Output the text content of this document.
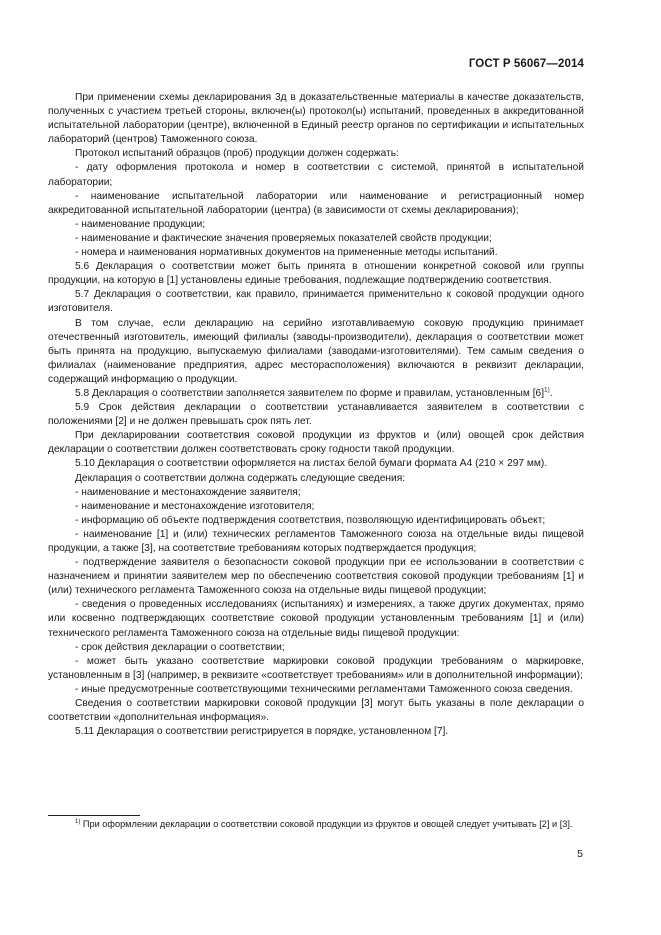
ГОСТ Р 56067—2014

При применении схемы декларирования 3д в доказательственные материалы в качестве доказательств, полученных с участием третьей стороны, включен(ы) протокол(ы) испытаний, проведенных в аккредитованной испытательной лаборатории (центре), включенной в Единый реестр органов по сертификации и испытательных лабораторий (центров) Таможенного союза.

Протокол испытаний образцов (проб) продукции должен содержать:

- дату оформления протокола и номер в соответствии с системой, принятой в испытательной лаборатории;

- наименование испытательной лаборатории или наименование и регистрационный номер аккредитованной испытательной лаборатории (центра) (в зависимости от схемы декларирования);

- наименование продукции;

- наименование и фактические значения проверяемых показателей свойств продукции;

- номера и наименования нормативных документов на примененные методы испытаний.

5.6 Декларация о соответствии может быть принята в отношении конкретной соковой или группы продукции, на которую в [1] установлены единые требования, подлежащие подтверждению соответствия.

5.7 Декларация о соответствии, как правило, принимается применительно к соковой продукции одного изготовителя.

В том случае, если декларацию на серийно изготавливаемую соковую продукцию принимает отечественный изготовитель, имеющий филиалы (заводы-производители), декларация о соответствии может быть принята на продукцию, выпускаемую филиалами (заводами-изготовителями). Тем самым сведения о филиалах (наименование предприятия, адрес месторасположения) включаются в реквизит декларации, содержащий информацию о продукции.

5.8 Декларация о соответствии заполняется заявителем по форме и правилам, установленным $[6]^{1)}$.

5.9 Срок действия декларации о соответствии устанавливается заявителем в соответствии с положениями [2] и не должен превышать срок пять лет.

При декларировании соответствия соковой продукции из фруктов и (или) овощей срок действия декларации о соответствии должен соответствовать сроку годности такой продукции.

5.10 Декларация о соответствии оформляется на листах белой бумаги формата А4 (210 × 297 мм).

Декларация о соответствии должна содержать следующие сведения:

- наименование и местонахождение заявителя;

- наименование и местонахождение изготовителя;

- информацию об объекте подтверждения соответствия, позволяющую идентифицировать объект;

- наименование [1] и (или) технических регламентов Таможенного союза на отдельные виды пищевой продукции, а также [3], на соответствие требованиям которых подтверждается продукция;

- подтверждение заявителя о безопасности соковой продукции при ее использовании в соответствии с назначением и принятии заявителем мер по обеспечению соответствия соковой продукции требованиям [1] и (или) технического регламента Таможенного союза на отдельные виды пищевой продукции;

- сведения о проведенных исследованиях (испытаниях) и измерениях, а также других документах, прямо или косвенно подтверждающих соответствие соковой продукции установленным требованиям [1] и (или) технического регламента Таможенного союза на отдельные виды пищевой продукции:

- срок действия декларации о соответствии;

- может быть указано соответствие маркировки соковой продукции требованиям о маркировке, установленным в [3] (например, в реквизите «соответствует требованиям» или в дополнительной информации);

- иные предусмотренные соответствующими техническими регламентами Таможенного союза сведения.

Сведения о соответствии маркировки соковой продукции [3] могут быть указаны в поле декларации о соответствии «дополнительная информация».

5.11 Декларация о соответствии регистрируется в порядке, установленном [7].

$^{1)}$ При оформлении декларации о соответствии соковой продукции из фруктов и овощей следует учитывать [2] и [3].
5
